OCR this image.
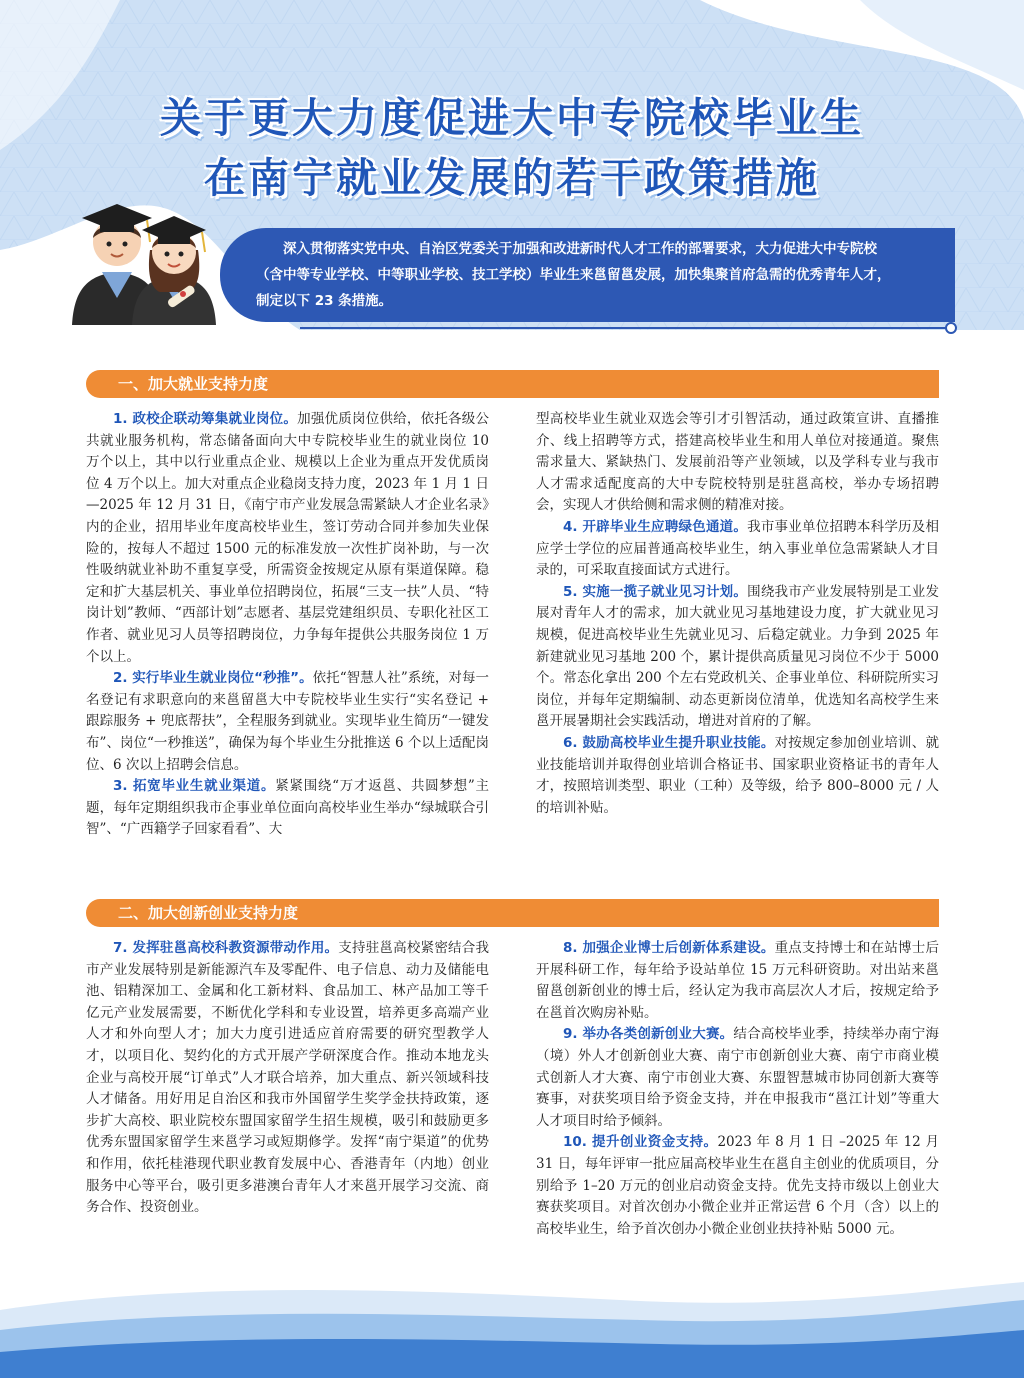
关于更大力度促进大中专院校毕业生
在南宁就业发展的若干政策措施
深入贯彻落实党中央、自治区党委关于加强和改进新时代人才工作的部署要求，大力促进大中专院校（含中等专业学校、中等职业学校、技工学校）毕业生来邕留邕发展，加快集聚首府急需的优秀青年人才，制定以下 23 条措施。
一、加大就业支持力度

1. 政校企联动筹集就业岗位。加强优质岗位供给，依托各级公共就业服务机构，常态储备面向大中专院校毕业生的就业岗位 10 万个以上，其中以行业重点企业、规模以上企业为重点开发优质岗位 4 万个以上。加大对重点企业稳岗支持力度，2023 年 1 月 1 日—2025 年 12 月 31 日，《南宁市产业发展急需紧缺人才企业名录》内的企业，招用毕业年度高校毕业生，签订劳动合同并参加失业保险的，按每人不超过 1500 元的标准发放一次性扩岗补助，与一次性吸纳就业补助不重复享受，所需资金按规定从原有渠道保障。稳定和扩大基层机关、事业单位招聘岗位，拓展“三支一扶”人员、“特岗计划”教师、“西部计划”志愿者、基层党建组织员、专职化社区工作者、就业见习人员等招聘岗位，力争每年提供公共服务岗位 1 万个以上。

2. 实行毕业生就业岗位“秒推”。依托“智慧人社”系统，对每一名登记有求职意向的来邕留邕大中专院校毕业生实行“实名登记 + 跟踪服务 + 兜底帮扶”，全程服务到就业。实现毕业生简历“一键发布”、岗位“一秒推送”，确保为每个毕业生分批推送 6 个以上适配岗位、6 次以上招聘会信息。

3. 拓宽毕业生就业渠道。紧紧围绕“万才返邕、共圆梦想”主题，每年定期组织我市企事业单位面向高校毕业生举办“绿城联合引智”、“广西籍学子回家看看”、大

型高校毕业生就业双选会等引才引智活动，通过政策宣讲、直播推介、线上招聘等方式，搭建高校毕业生和用人单位对接通道。聚焦需求量大、紧缺热门、发展前沿等产业领域，以及学科专业与我市人才需求适配度高的大中专院校特别是驻邕高校，举办专场招聘会，实现人才供给侧和需求侧的精准对接。

4. 开辟毕业生应聘绿色通道。我市事业单位招聘本科学历及相应学士学位的应届普通高校毕业生，纳入事业单位急需紧缺人才目录的，可采取直接面试方式进行。

5. 实施一揽子就业见习计划。围绕我市产业发展特别是工业发展对青年人才的需求，加大就业见习基地建设力度，扩大就业见习规模，促进高校毕业生先就业见习、后稳定就业。力争到 2025 年新建就业见习基地 200 个，累计提供高质量见习岗位不少于 5000 个。常态化拿出 200 个左右党政机关、企事业单位、科研院所实习岗位，并每年定期编制、动态更新岗位清单，优选知名高校学生来邕开展暑期社会实践活动，增进对首府的了解。

6. 鼓励高校毕业生提升职业技能。对按规定参加创业培训、就业技能培训并取得创业培训合格证书、国家职业资格证书的青年人才，按照培训类型、职业（工种）及等级，给予 800–8000 元 / 人的培训补贴。

二、加大创新创业支持力度

7. 发挥驻邕高校科教资源带动作用。支持驻邕高校紧密结合我市产业发展特别是新能源汽车及零配件、电子信息、动力及储能电池、铝精深加工、金属和化工新材料、食品加工、林产品加工等千亿元产业发展需要，不断优化学科和专业设置，培养更多高端产业人才和外向型人才；加大力度引进适应首府需要的研究型教学人才，以项目化、契约化的方式开展产学研深度合作。推动本地龙头企业与高校开展“订单式”人才联合培养，加大重点、新兴领域科技人才储备。用好用足自治区和我市外国留学生奖学金扶持政策，逐步扩大高校、职业院校东盟国家留学生招生规模，吸引和鼓励更多优秀东盟国家留学生来邕学习或短期修学。发挥“南宁渠道”的优势和作用，依托桂港现代职业教育发展中心、香港青年（内地）创业服务中心等平台，吸引更多港澳台青年人才来邕开展学习交流、商务合作、投资创业。

8. 加强企业博士后创新体系建设。重点支持博士和在站博士后开展科研工作，每年给予设站单位 15 万元科研资助。对出站来邕留邕创新创业的博士后，经认定为我市高层次人才后，按规定给予在邕首次购房补贴。

9. 举办各类创新创业大赛。结合高校毕业季，持续举办南宁海（境）外人才创新创业大赛、南宁市创新创业大赛、南宁市商业模式创新人才大赛、南宁市创业大赛、东盟智慧城市协同创新大赛等赛事，对获奖项目给予资金支持，并在申报我市“邕江计划”等重大人才项目时给予倾斜。

10. 提升创业资金支持。2023 年 8 月 1 日 –2025 年 12 月 31 日，每年评审一批应届高校毕业生在邕自主创业的优质项目，分别给予 1–20 万元的创业启动资金支持。优先支持市级以上创业大赛获奖项目。对首次创办小微企业并正常运营 6 个月（含）以上的高校毕业生，给予首次创办小微企业创业扶持补贴 5000 元。
